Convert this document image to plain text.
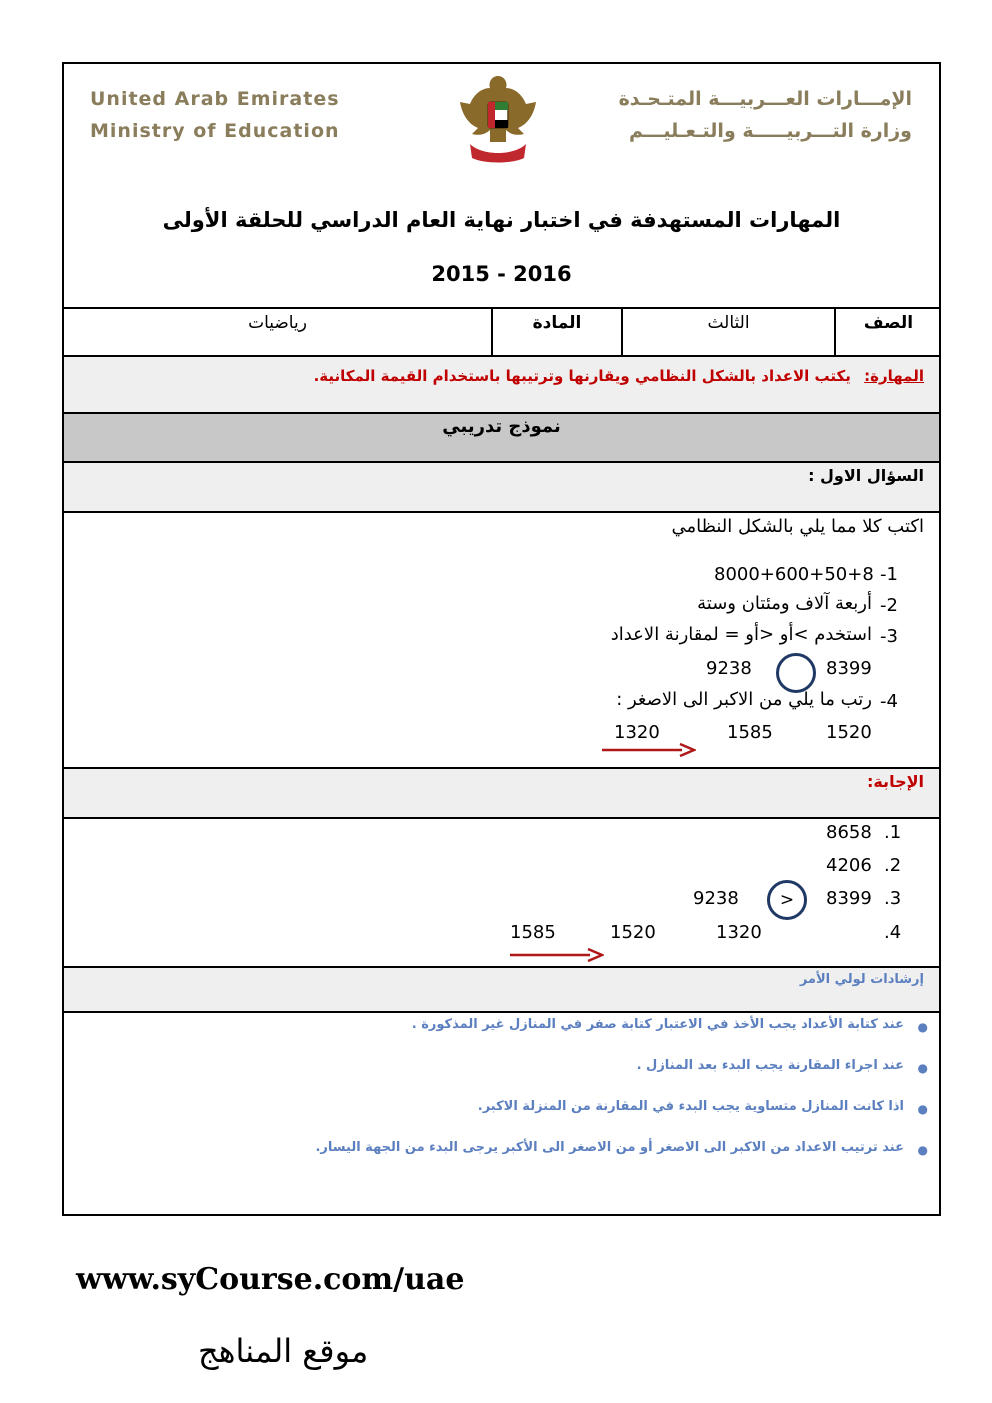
United Arab Emirates
Ministry of Education
الإمـــارات العـــربيـــة المتـحـدة
وزارة التـــربيـــــة والتـعـليـــم
المهارات المستهدفة في اختبار نهاية العام الدراسي للحلقة الأولى
2015 - 2016
الصف
الثالث
المادة
رياضيات
المهارة: يكتب الاعداد بالشكل النظامي ويقارنها وترتيبها باستخدام القيمة المكانية.
نموذج تدريبي
السؤال الاول :
اكتب كلا مما يلي بالشكل النظامي
-1
8000+600+50+8
-2
أربعة آلاف ومئتان وستة
-3
استخدم >أو <أو = لمقارنة الاعداد
8399
9238
-4
رتب ما يلي من الاكبر الى الاصغر :
1520
1585
1320
الإجابة:
8658 .1
4206 .2
8399
>
9238	.3
1320
1520
1585	.4
إرشادات لولي الأمر
●
عند كتابة الأعداد يجب الأخذ في الاعتبار كتابة صفر في المنازل غير المذكورة .
●
عند اجراء المقارنة يجب البدء بعد المنازل .
●
اذا كانت المنازل متساوية يجب البدء في المقارنة من المنزلة الاكبر.
●
عند ترتيب الاعداد من الاكبر الى الاصغر أو من الاصغر الى الأكبر يرجى البدء من الجهة اليسار.
www.syCourse.com/uae
موقع المناهج
